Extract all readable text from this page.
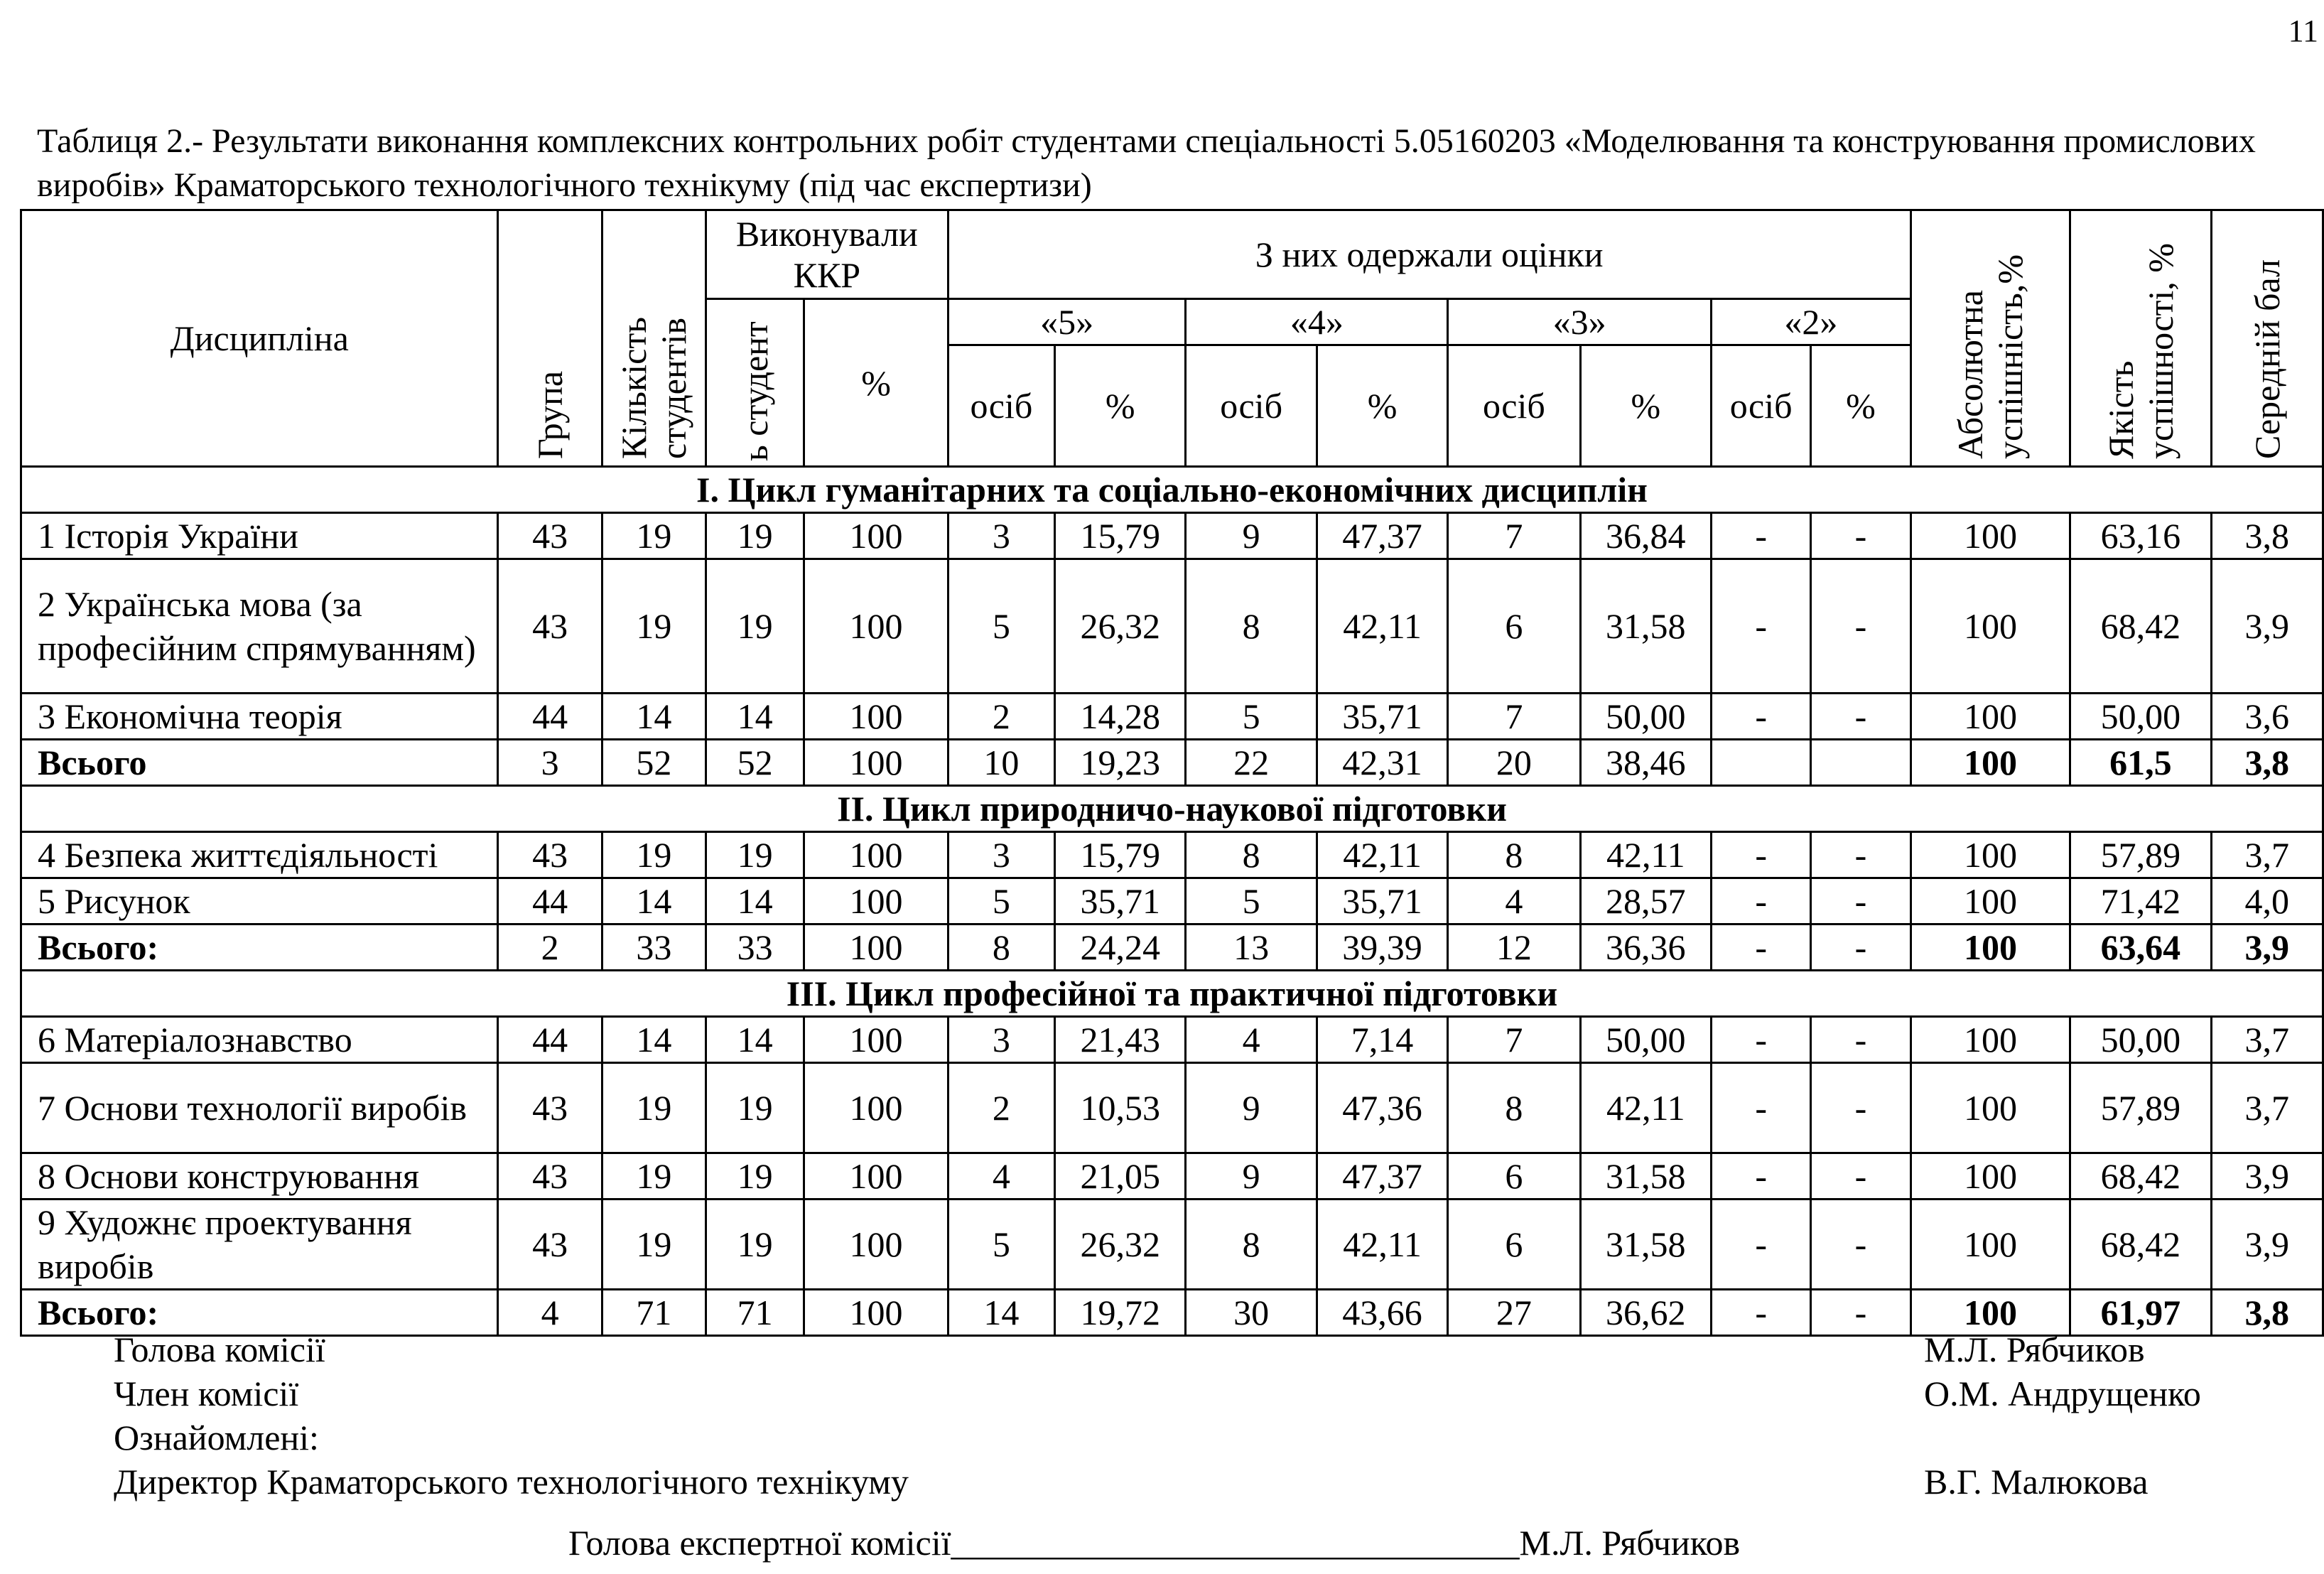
11
Таблиця 2.- Результати виконання комплексних контрольних робіт студентами спеціальності 5.05160203 «Моделювання та конструювання промислових виробів» Краматорського технологічного технікуму (під час експертизи)
Дисципліна	Група	Кількість студентів	Виконували ККР		З них одержали оцінки								Абсолютна успішність,%	Якість успішності, %	Середній бал

			ь студент	%	«5»		«4»		«3»		«2»				
					осіб	%	осіб	%	осіб	%	осіб	%			
І. Цикл гуманітарних та соціально-економічних дисциплін															
1 Історія України	43	19	19	100	3	15,79	9	47,37	7	36,84	-	-	100	63,16	3,8
2 Українська мова (за професійним спрямуванням)	43	19	19	100	5	26,32	8	42,11	6	31,58	-	-	100	68,42	3,9
3 Економічна теорія	44	14	14	100	2	14,28	5	35,71	7	50,00	-	-	100	50,00	3,6
Всього	3	52	52	100	10	19,23	22	42,31	20	38,46			100	61,5	3,8
ІІ. Цикл природничо-наукової підготовки															
4 Безпека життєдіяльності	43	19	19	100	3	15,79	8	42,11	8	42,11	-	-	100	57,89	3,7
5 Рисунок	44	14	14	100	5	35,71	5	35,71	4	28,57	-	-	100	71,42	4,0
Всього:	2	33	33	100	8	24,24	13	39,39	12	36,36	-	-	100	63,64	3,9
ІІІ. Цикл професійної та практичної підготовки															
6 Матеріалознавство	44	14	14	100	3	21,43	4	7,14	7	50,00	-	-	100	50,00	3,7
7 Основи технології виробів	43	19	19	100	2	10,53	9	47,36	8	42,11	-	-	100	57,89	3,7
8 Основи конструювання	43	19	19	100	4	21,05	9	47,37	6	31,58	-	-	100	68,42	3,9
9 Художнє проектування виробів	43	19	19	100	5	26,32	8	42,11	6	31,58	-	-	100	68,42	3,9
Всього:	4	71	71	100	14	19,72	30	43,66	27	36,62	-	-	100	61,97	3,8
Голова комісії	М.Л. Рябчиков
Член комісії	О.М. Андрущенко
Ознайомлені:
Директор Краматорського технологічного технікуму	В.Г. Малюкова
Голова експертної комісії________________________________М.Л. Рябчиков
